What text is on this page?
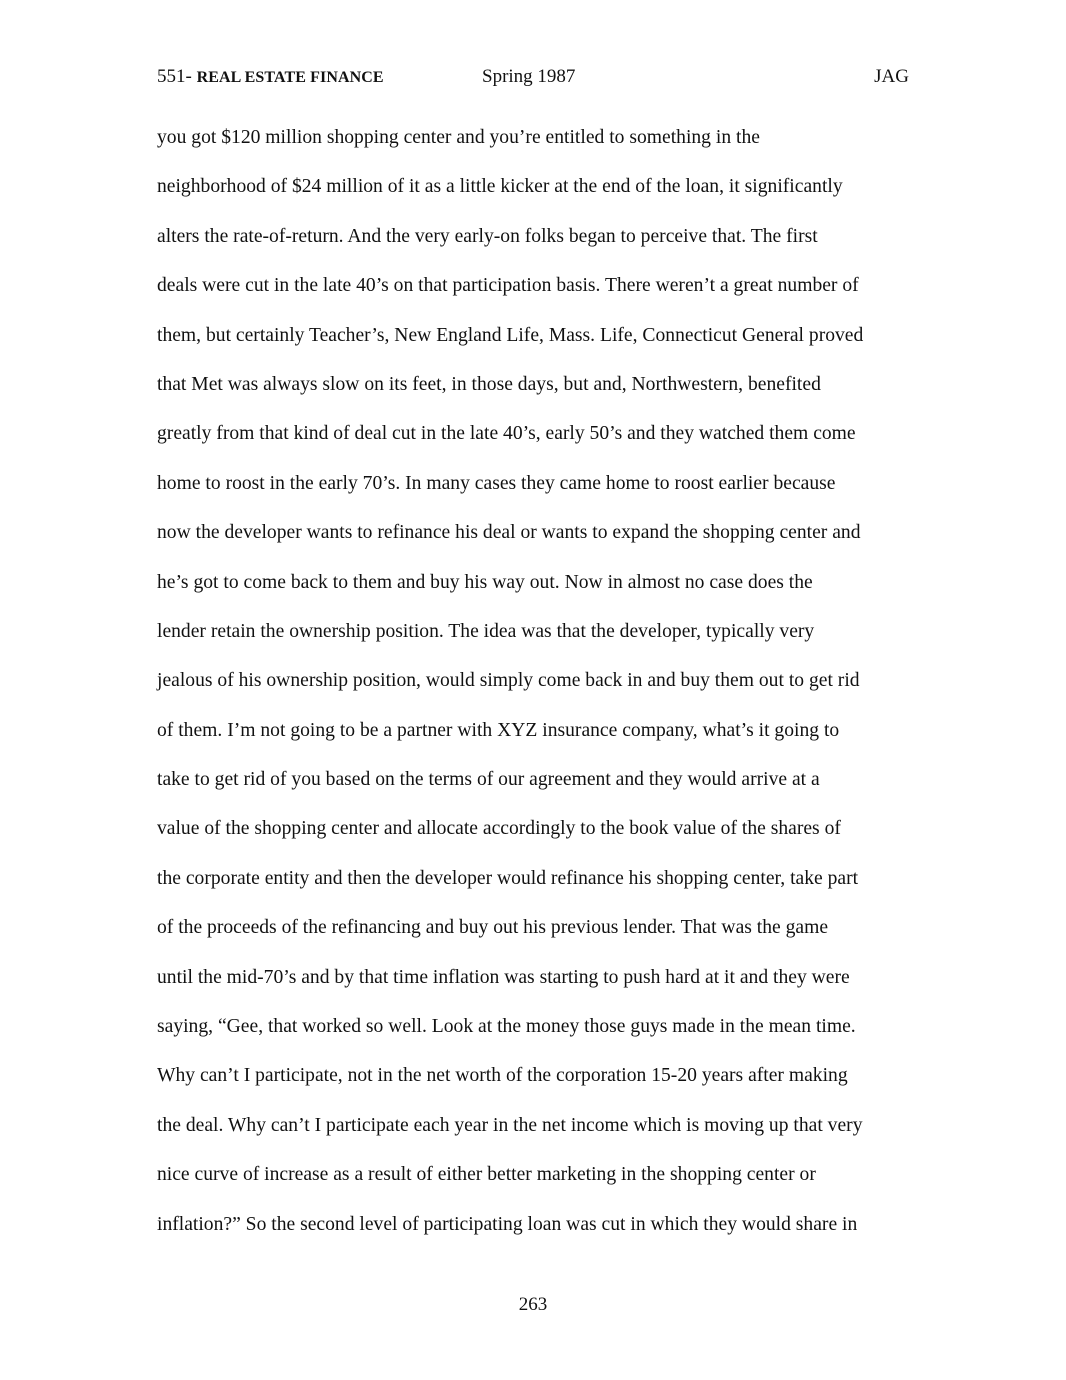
551- REAL ESTATE FINANCE	Spring 1987	JAG
you got $120 million shopping center and you’re entitled to something in the
neighborhood of $24 million of it as a little kicker at the end of the loan, it significantly
alters the rate-of-return. And the very early-on folks began to perceive that. The first
deals were cut in the late 40’s on that participation basis. There weren’t a great number of
them, but certainly Teacher’s, New England Life, Mass. Life, Connecticut General proved
that Met was always slow on its feet, in those days, but and, Northwestern, benefited
greatly from that kind of deal cut in the late 40’s, early 50’s and they watched them come
home to roost in the early 70’s. In many cases they came home to roost earlier because
now the developer wants to refinance his deal or wants to expand the shopping center and
he’s got to come back to them and buy his way out. Now in almost no case does the
lender retain the ownership position. The idea was that the developer, typically very
jealous of his ownership position, would simply come back in and buy them out to get rid
of them. I’m not going to be a partner with XYZ insurance company, what’s it going to
take to get rid of you based on the terms of our agreement and they would arrive at a
value of the shopping center and allocate accordingly to the book value of the shares of
the corporate entity and then the developer would refinance his shopping center, take part
of the proceeds of the refinancing and buy out his previous lender. That was the game
until the mid-70’s and by that time inflation was starting to push hard at it and they were
saying, “Gee, that worked so well. Look at the money those guys made in the mean time.
Why can’t I participate, not in the net worth of the corporation 15-20 years after making
the deal. Why can’t I participate each year in the net income which is moving up that very
nice curve of increase as a result of either better marketing in the shopping center or
inflation?” So the second level of participating loan was cut in which they would share in
263
